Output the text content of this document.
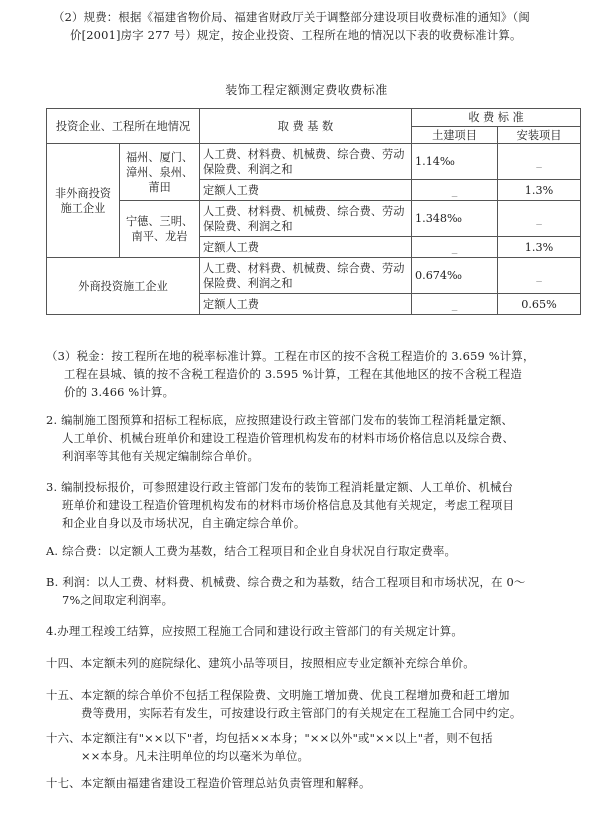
（2）规费：根据《福建省物价局、福建省财政厅关于调整部分建设项目收费标准的通知》（闽
价[2001]房字 277 号）规定，按企业投资、工程所在地的情况以下表的收费标准计算。
装饰工程定额测定费收费标准
投资企业、工程所在地情况		取 费 基 数	收 费 标 准	
			土建项目	安装项目
非外商投资施工企业	福州、厦门、漳州、泉州、莆田	人工费、材料费、机械费、综合费、劳动保险费、利润之和	1.14‰	_
		定额人工费	_	1.3%
	宁德、三明、南平、龙岩	人工费、材料费、机械费、综合费、劳动保险费、利润之和	1.348‰	_
		定额人工费	_	1.3%
外商投资施工企业		人工费、材料费、机械费、综合费、劳动保险费、利润之和	0.674‰	_
		定额人工费	_	0.65%
（3）税金：按工程所在地的税率标准计算。工程在市区的按不含税工程造价的 3.659 %计算，
工程在县城、镇的按不含税工程造价的 3.595 %计算，工程在其他地区的按不含税工程造
价的 3.466 %计算。
2. 编制施工图预算和招标工程标底，应按照建设行政主管部门发布的装饰工程消耗量定额、
人工单价、机械台班单价和建设工程造价管理机构发布的材料市场价格信息以及综合费、
利润率等其他有关规定编制综合单价。
3. 编制投标报价，可参照建设行政主管部门发布的装饰工程消耗量定额、人工单价、机械台
班单价和建设工程造价管理机构发布的材料市场价格信息及其他有关规定，考虑工程项目
和企业自身以及市场状况，自主确定综合单价。
A. 综合费：以定额人工费为基数，结合工程项目和企业自身状况自行取定费率。
B. 利润：以人工费、材料费、机械费、综合费之和为基数，结合工程项目和市场状况，在 0～
7%之间取定利润率。
4.办理工程竣工结算，应按照工程施工合同和建设行政主管部门的有关规定计算。
十四、本定额未列的庭院绿化、建筑小品等项目，按照相应专业定额补充综合单价。
十五、本定额的综合单价不包括工程保险费、文明施工增加费、优良工程增加费和赶工增加
费等费用，实际若有发生，可按建设行政主管部门的有关规定在工程施工合同中约定。
十六、本定额注有"××以下"者，均包括××本身；"××以外"或"××以上"者，则不包括
××本身。凡未注明单位的均以毫米为单位。
十七、本定额由福建省建设工程造价管理总站负责管理和解释。
